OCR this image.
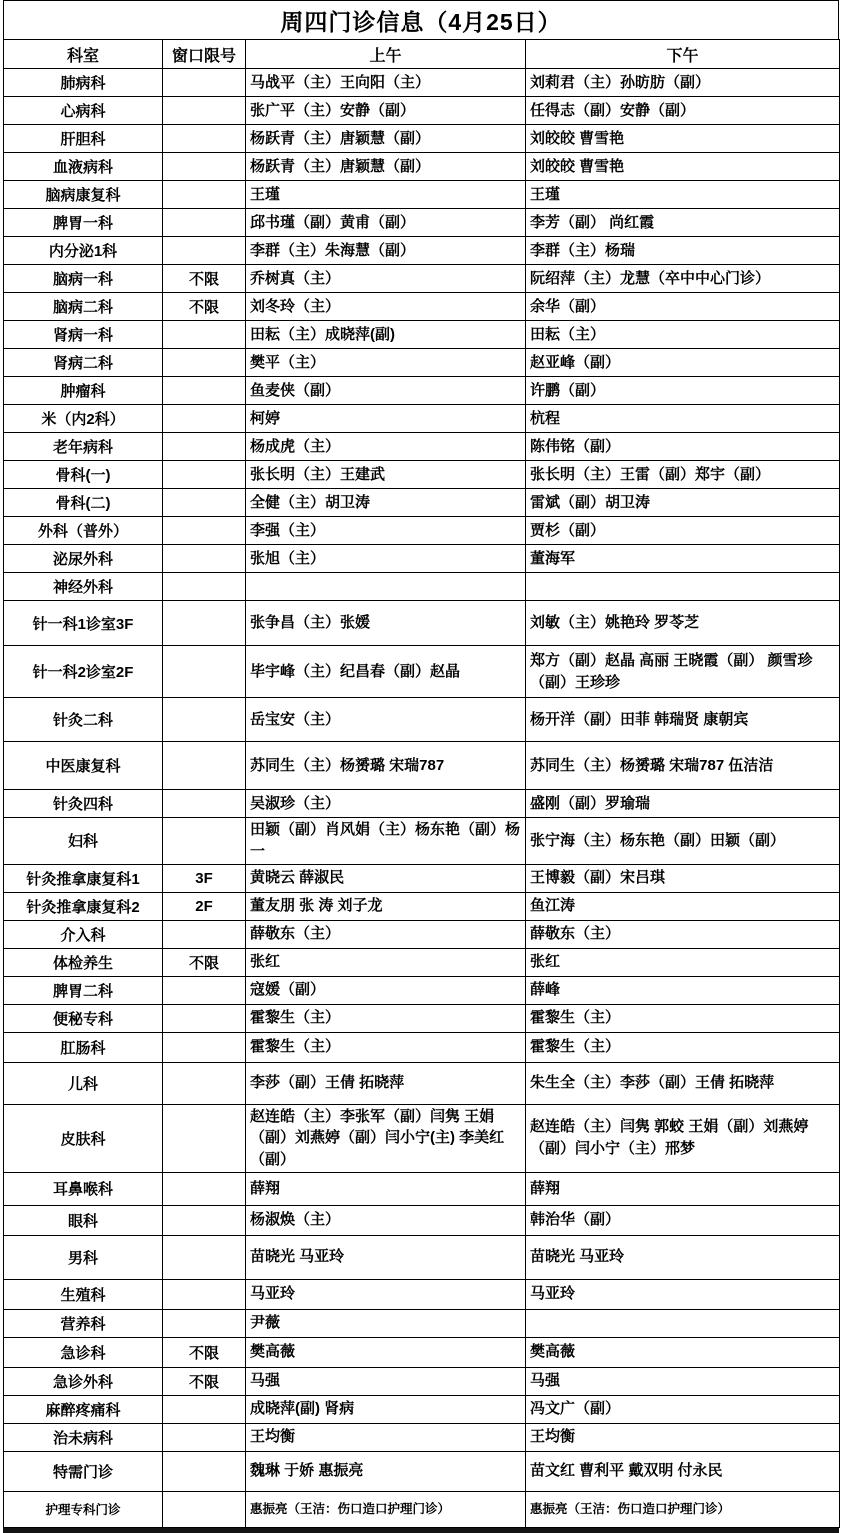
周四门诊信息（4月25日）
科室	窗口限号	上午	下午
肺病科		马战平（主）王向阳（主）	刘莉君（主）孙昉肪（副）
心病科		张广平（主）安静（副）	任得志（副）安静（副）
肝胆科		杨跃青（主）唐颖慧（副）	刘皎皎 曹雪艳
血液病科		杨跃青（主）唐颖慧（副）	刘皎皎 曹雪艳
脑病康复科		王瑾	王瑾
脾胃一科		邱书瑾（副）黄甫（副）	李芳（副） 尚红霞
内分泌1科		李群（主）朱海慧（副）	李群（主）杨瑞
脑病一科	不限	乔树真（主）	阮绍萍（主）龙慧（卒中中心门诊）
脑病二科	不限	刘冬玲（主）	余华（副）
肾病一科		田耘（主）成晓萍(副)	田耘（主）
肾病二科		樊平（主）	赵亚峰（副）
肿瘤科		鱼麦侠（副）	许鹏（副）
米（内2科）		柯婷	杭程
老年病科		杨成虎（主）	陈伟铭（副）
骨科(一)		张长明（主）王建武	张长明（主）王雷（副）郑宇（副）
骨科(二)		全健（主）胡卫涛	雷斌（副）胡卫涛
外科（普外）		李强（主）	贾杉（副）
泌尿外科		张旭（主）	董海军
神经外科			
针一科1诊室3F		张争昌（主）张媛	刘敏（主）姚艳玲 罗苓芝
针一科2诊室2F		毕宇峰（主）纪昌春（副）赵晶	郑方（副）赵晶 高丽 王晓霞（副） 颜雪珍（副）王珍珍
针灸二科		岳宝安（主）	杨开洋（副）田菲 韩瑞贤 康朝宾
中医康复科		苏同生（主）杨赟璐 宋瑞787	苏同生（主）杨赟璐 宋瑞787 伍洁洁
针灸四科		吴淑珍（主）	盛刚（副）罗瑜瑞
妇科		田颖（副）肖风娟（主）杨东艳（副）杨一	张宁海（主）杨东艳（副）田颖（副）
针灸推拿康复科1	3F	黄晓云 薛淑民	王博毅（副）宋吕琪
针灸推拿康复科2	2F	董友朋 张 涛 刘子龙	鱼江涛
介入科		薛敬东（主）	薛敬东（主）
体检养生	不限	张红	张红
脾胃二科		寇媛（副）	薛峰
便秘专科		霍黎生（主）	霍黎生（主）
肛肠科		霍黎生（主）	霍黎生（主）
儿科		李莎（副）王倩 拓晓萍	朱生全（主）李莎（副）王倩 拓晓萍
皮肤科		赵连皓（主）李张军（副）闫隽 王娟（副）刘燕婷（副）闫小宁(主) 李美红（副）	赵连皓（主）闫隽 郭蛟 王娟（副）刘燕婷（副）闫小宁（主）邢梦
耳鼻喉科		薛翔	薛翔
眼科		杨淑焕（主）	韩治华（副）
男科		苗晓光 马亚玲	苗晓光 马亚玲
生殖科		马亚玲	马亚玲
营养科		尹薇	
急诊科	不限	樊高薇	樊高薇
急诊外科	不限	马强	马强
麻醉疼痛科		成晓萍(副) 肾病	冯文广（副）
治未病科		王均衡	王均衡
特需门诊		魏琳 于娇 惠振亮	苗文红 曹利平 戴双明 付永民
护理专科门诊		惠振亮（王洁：伤口造口护理门诊）	惠振亮（王洁：伤口造口护理门诊）
